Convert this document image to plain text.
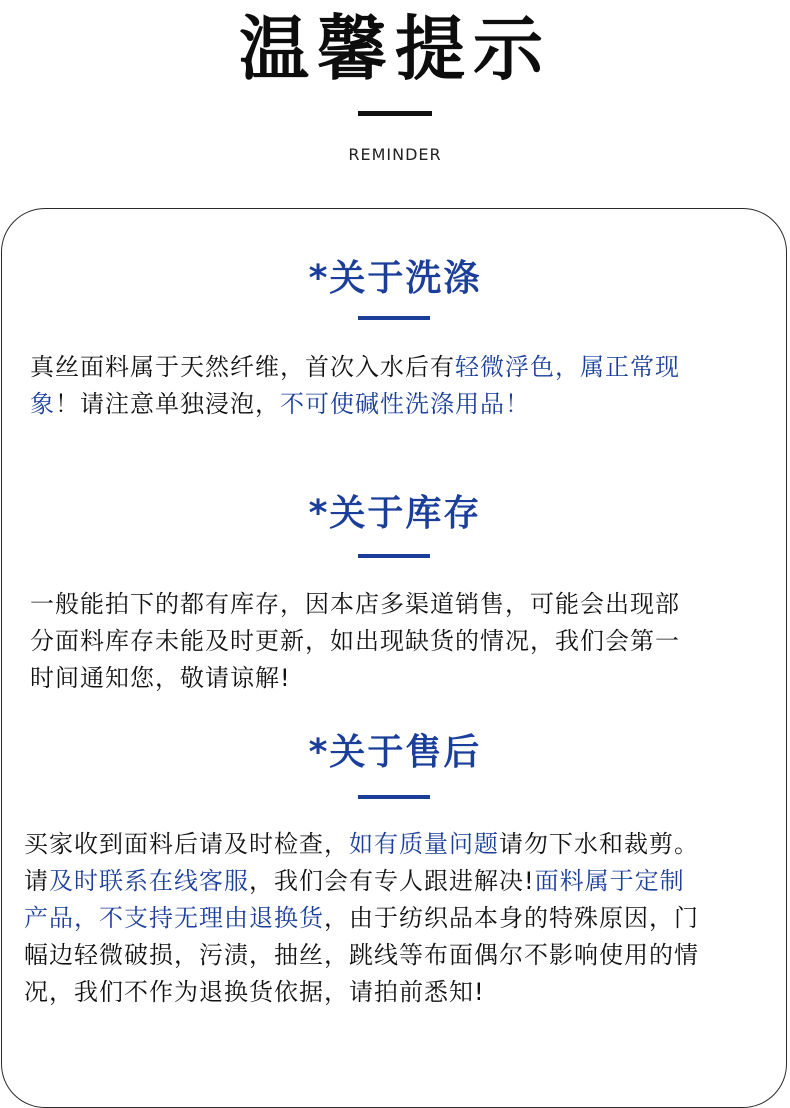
温馨提示
REMINDER
*关于洗涤
真丝面料属于天然纤维，首次入水后有轻微浮色，属正常现
象！请注意单独浸泡，不可使碱性洗涤用品！
*关于库存
一般能拍下的都有库存，因本店多渠道销售，可能会出现部
分面料库存未能及时更新，如出现缺货的情况，我们会第一
时间通知您，敬请谅解!
*关于售后
买家收到面料后请及时检查，如有质量问题请勿下水和裁剪。
请及时联系在线客服，我们会有专人跟进解决!面料属于定制
产品，不支持无理由退换货，由于纺织品本身的特殊原因，门
幅边轻微破损，污渍，抽丝，跳线等布面偶尔不影响使用的情
况，我们不作为退换货依据，请拍前悉知!
